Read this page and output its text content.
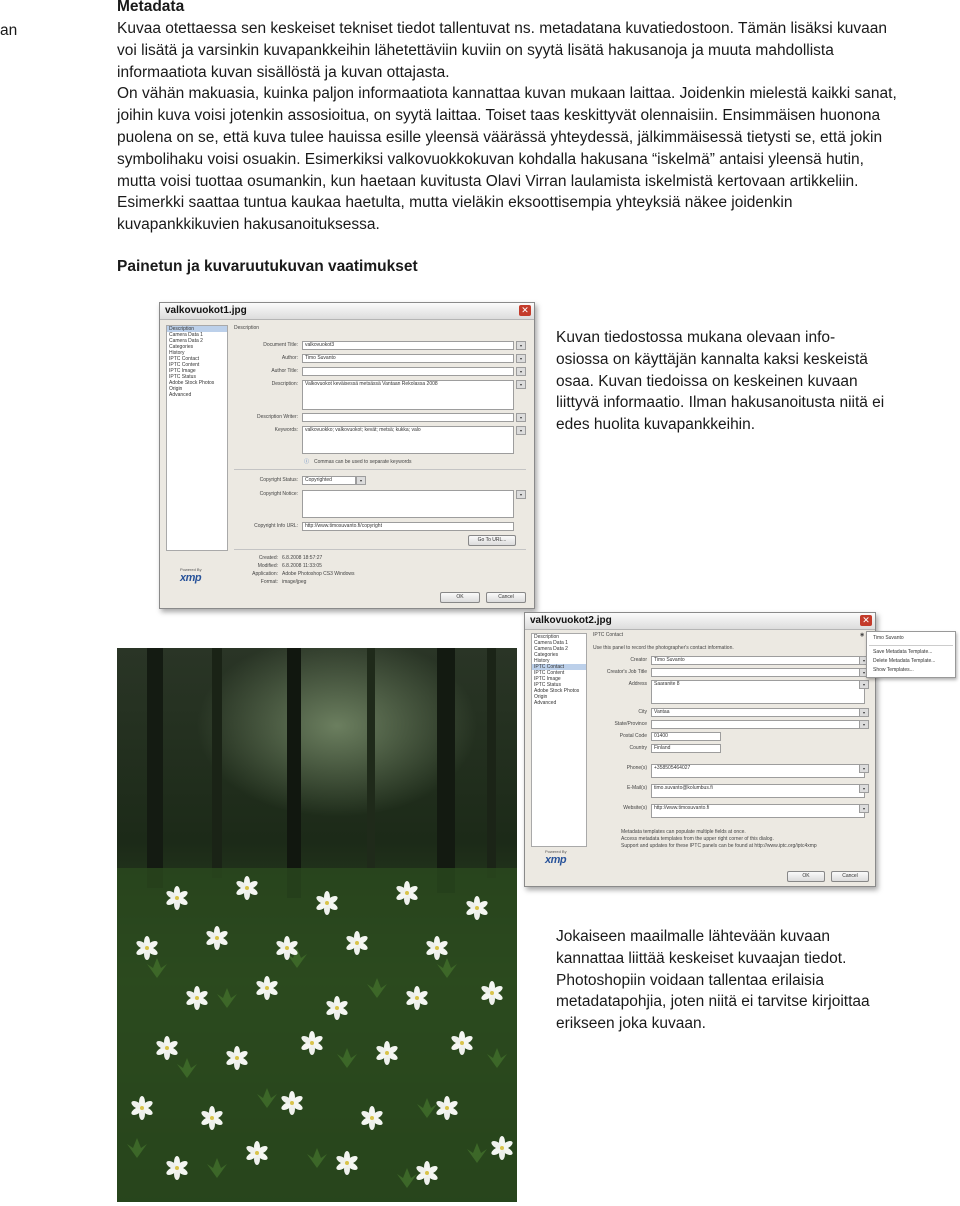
an
Metadata

Kuvaa otettaessa sen keskeiset tekniset tiedot tallentuvat ns. metadatana kuvatiedostoon. Tämän lisäksi kuvaan voi lisätä ja varsinkin kuvapankkeihin lähetettäviin kuviin on syytä lisätä hakusanoja ja muuta mahdollista informaatiota kuvan sisällöstä ja kuvan ottajasta.

On vähän makuasia, kuinka paljon informaatiota kannattaa kuvan mukaan laittaa. Joidenkin mielestä kaikki sanat, joihin kuva voisi jotenkin assosioitua, on syytä laittaa. Toiset taas keskittyvät olennaisiin. Ensimmäisen huonona puolena on se, että kuva tulee hauissa esille yleensä väärässä yhteydessä, jälkimmäisessä tietysti se, että jokin symbolihaku voisi osuakin. Esimerkiksi valkovuokkokuvan kohdalla hakusana “iskelmä” antaisi yleensä hutin, mutta voisi tuottaa osumankin, kun haetaan kuvitusta Olavi Virran laulamista iskelmistä kertovaan artikkeliin. Esimerkki saattaa tuntua kaukaa haetulta, mutta vieläkin eksoottisempia yhteyksiä näkee joidenkin kuvapankkikuvien hakusanoituksessa.

Painetun ja kuvaruutukuvan vaatimukset
valkovuokot1.jpg	✕
Description
Camera Data 1
Camera Data 2
Categories
History
IPTC Contact
IPTC Content
IPTC Image
IPTC Status
Adobe Stock Photos
Origin
Advanced
Description
Document Title:	valkovuokot3	▾
Author:	Timo Suvanto	▾
Author Title:	▾
Description:	Valkovuokot keväisessä metsässä Vantaan Rekolassa 2008	▾
Description Writer:	▾
Keywords:	valkovuokko; valkovuokot; kevät; metsä; kukka; valo	▾
ⓘ Commas can be used to separate keywords
Copyright Status:	Copyrighted	▾
Copyright Notice:	▾
Copyright Info URL:	http://www.timosuvanto.fi/copyright
Go To URL...
Created: 6.8.2008 18:57:27
Modified: 6.8.2008 11:33:05
Application: Adobe Photoshop CS3 Windows
Format: image/jpeg
Powered By
xmp
OK	Cancel
valkovuokot2.jpg	✕
Description
Camera Data 1
Camera Data 2
Categories
History
IPTC Contact
IPTC Content
IPTC Image
IPTC Status
Adobe Stock Photos
Origin
Advanced
IPTC Contact
Use this panel to record the photographer's contact information.
◉
Creator	Timo Suvanto	▾
Creator's Job Title	▾
Address	Saaranite 8	▾
City	Vantaa	▾
State/Province	▾
Postal Code	01400
Country	Finland
Phone(s)	+358505464027	▾
E-Mail(s)	timo.suvanto@kolumbus.fi	▾
Website(s)	http://www.timosuvanto.fi	▾
Metadata templates can populate multiple fields at once.
Access metadata templates from the upper right corner of this dialog.
Support and updates for these IPTC panels can be found at http://www.iptc.org/iptc4xmp
Powered By
xmp
OK	Cancel
Timo Suvanto
Save Metadata Template...
Delete Metadata Template...
Show Templates...

Kuvan tiedostossa mukana olevaan info-osiossa on käyttäjän kannalta kaksi keskeistä osaa. Kuvan tiedoissa on keskeinen kuvaan liittyvä informaatio. Ilman hakusanoitusta niitä ei edes huolita kuvapankkeihin.

Jokaiseen maailmalle lähtevään kuvaan kannattaa liittää keskeiset kuvaajan tiedot. Photoshopiin voidaan tallentaa erilaisia metadatapohjia, joten niitä ei tarvitse kirjoittaa erikseen joka kuvaan.
